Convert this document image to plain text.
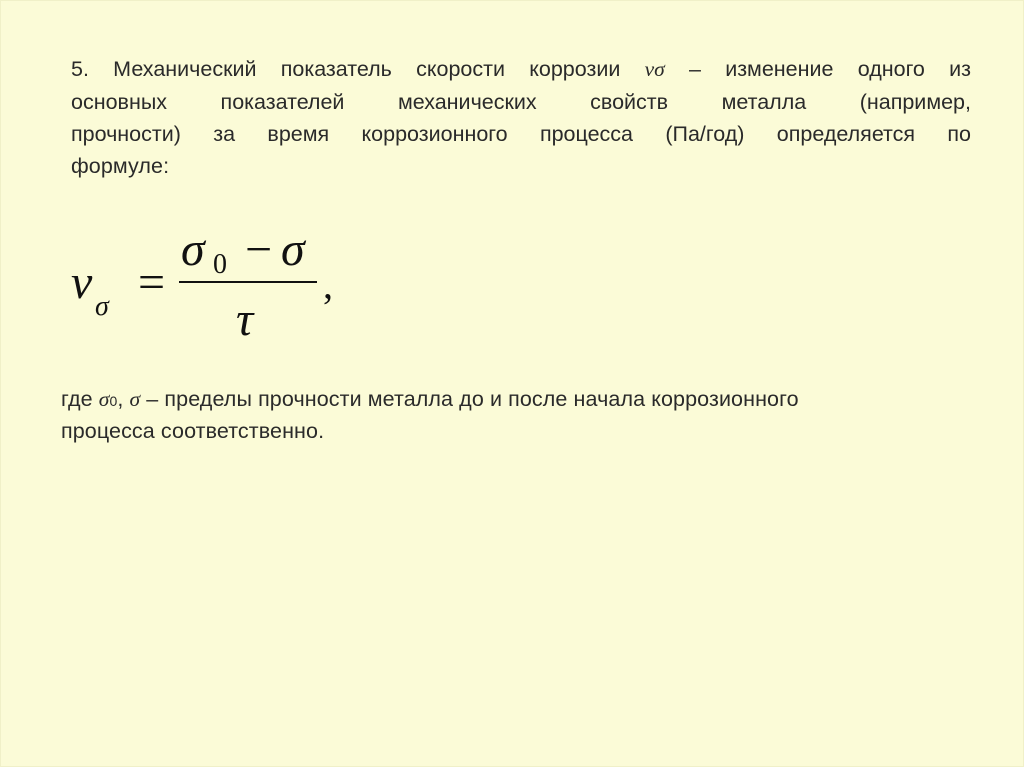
5. Механический показатель скорости коррозии vσ – изменение одного из
основных показателей механических свойств металла (например,
прочности) за время коррозионного процесса (Па/год) определяется по
формуле:
v σ =
σ 0 − σ
τ
,
где σ0, σ – пределы прочности металла до и после начала коррозионного
процесса соответственно.
